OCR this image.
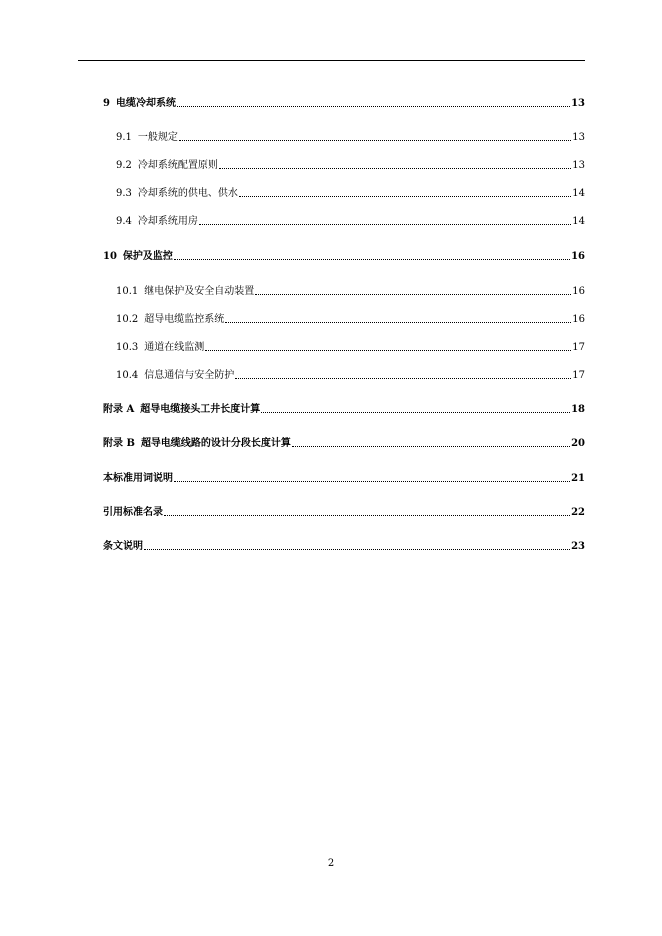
9 电缆冷却系统	13
9.1 一般规定	13
9.2 冷却系统配置原则	13
9.3 冷却系统的供电、供水	14
9.4 冷却系统用房	14
10 保护及监控	16
10.1 继电保护及安全自动装置	16
10.2 超导电缆监控系统	16
10.3 通道在线监测	17
10.4 信息通信与安全防护	17
附录 A 超导电缆接头工井长度计算	18
附录 B 超导电缆线路的设计分段长度计算	20
本标准用词说明	21
引用标准名录	22
条文说明	23
2
